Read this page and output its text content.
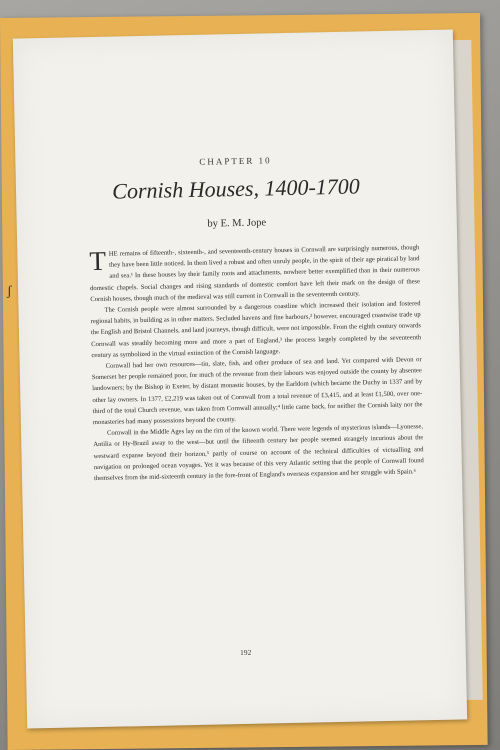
ʃ
CHAPTER 10
Cornish Houses, 1400-1700
by E. M. Jope

THE remains of fifteenth-, sixteenth-, and seventeenth-century houses in Cornwall are surprisingly numerous, though they have been little noticed. In them lived a robust and often unruly people, in the spirit of their age piratical by land and sea.¹ In these houses lay their family roots and attachments, nowhere better exemplified than in their numerous domestic chapels. Social changes and rising standards of domestic comfort have left their mark on the design of these Cornish houses, though much of the medieval was still current in Cornwall in the seventeenth century.

The Cornish people were almost surrounded by a dangerous coastline which increased their isolation and fostered regional habits, in building as in other matters. Secluded havens and fine harbours,² however, encouraged coastwise trade up the English and Bristol Channels, and land journeys, though difficult, were not impossible. From the eighth century onwards Cornwall was steadily becoming more and more a part of England,³ the process largely completed by the seventeenth century as symbolized in the virtual extinction of the Cornish language.

Cornwall had her own resources—tin, slate, fish, and other produce of sea and land. Yet compared with Devon or Somerset her people remained poor, for much of the revenue from their labours was enjoyed outside the county by absentee landowners; by the Bishop in Exeter, by distant monastic houses, by the Earldom (which became the Duchy in 1337 and by other lay owners. In 1377, £2,219 was taken out of Cornwall from a total revenue of £3,415, and at least £1,500, over one-third of the total Church revenue, was taken from Cornwall annually;⁴ little came back, for neither the Cornish laity nor the monasteries had many possessions beyond the county.

Cornwall in the Middle Ages lay on the rim of the known world. There were legends of mysterious islands—Lyonesse, Antilia or Hy-Brazil away to the west—but until the fifteenth century her people seemed strangely incurious about the westward expanse beyond their horizon,⁵ partly of course on account of the technical difficulties of victualling and navigation on prolonged ocean voyages. Yet it was because of this very Atlantic setting that the people of Cornwall found themselves from the mid-sixteenth century in the fore-front of England's overseas expansion and her struggle with Spain.⁶

192
